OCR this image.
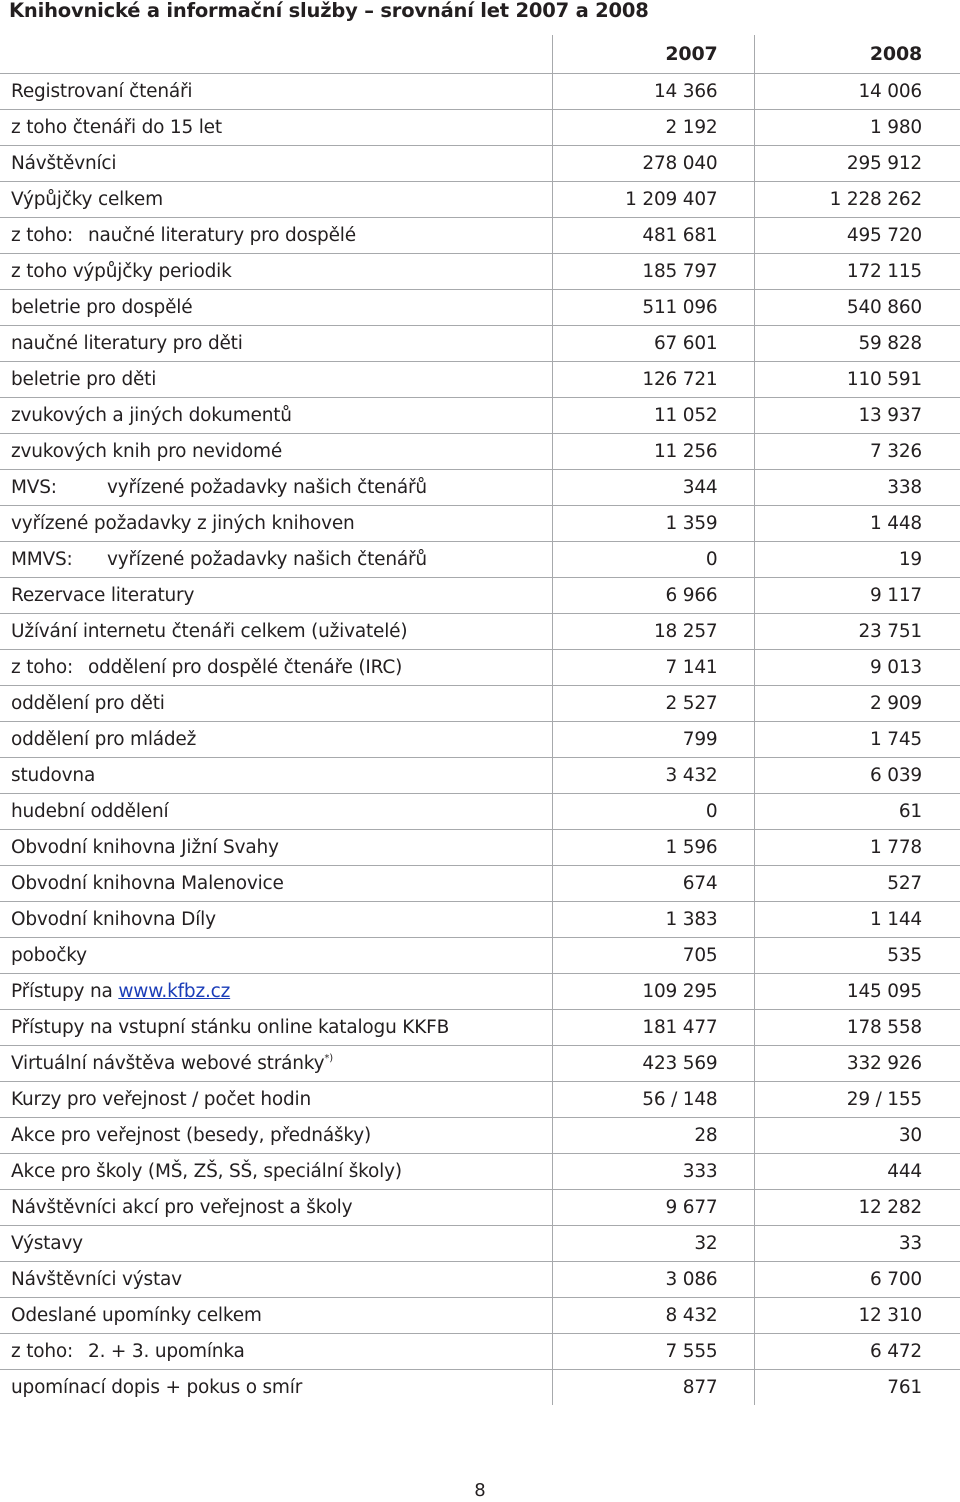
Knihovnické a informační služby – srovnání let 2007 a 2008
	2007	2008
Registrovaní čtenáři	14 366	14 006
z toho čtenáři do 15 let	2 192	1 980
Návštěvníci	278 040	295 912
Výpůjčky celkem	1 209 407	1 228 262
z toho: naučné literatury pro dospělé	481 681	495 720
z toho výpůjčky periodik	185 797	172 115
beletrie pro dospělé	511 096	540 860
naučné literatury pro děti	67 601	59 828
beletrie pro děti	126 721	110 591
zvukových a jiných dokumentů	11 052	13 937
zvukových knih pro nevidomé	11 256	7 326
MVS: vyřízené požadavky našich čtenářů	344	338
vyřízené požadavky z jiných knihoven	1 359	1 448
MMVS: vyřízené požadavky našich čtenářů	0	19
Rezervace literatury	6 966	9 117
Užívání internetu čtenáři celkem (uživatelé)	18 257	23 751
z toho: oddělení pro dospělé čtenáře (IRC)	7 141	9 013
oddělení pro děti	2 527	2 909
oddělení pro mládež	799	1 745
studovna	3 432	6 039
hudební oddělení	0	61
Obvodní knihovna Jižní Svahy	1 596	1 778
Obvodní knihovna Malenovice	674	527
Obvodní knihovna Díly	1 383	1 144
pobočky	705	535
Přístupy na www.kfbz.cz	109 295	145 095
Přístupy na vstupní stánku online katalogu KKFB	181 477	178 558
Virtuální návštěva webové stránky*)	423 569	332 926
Kurzy pro veřejnost / počet hodin	56 / 148	29 / 155
Akce pro veřejnost (besedy, přednášky)	28	30
Akce pro školy (MŠ, ZŠ, SŠ, speciální školy)	333	444
Návštěvníci akcí pro veřejnost a školy	9 677	12 282
Výstavy	32	33
Návštěvníci výstav	3 086	6 700
Odeslané upomínky celkem	8 432	12 310
z toho: 2. + 3. upomínka	7 555	6 472
upomínací dopis + pokus o smír	877	761
8
